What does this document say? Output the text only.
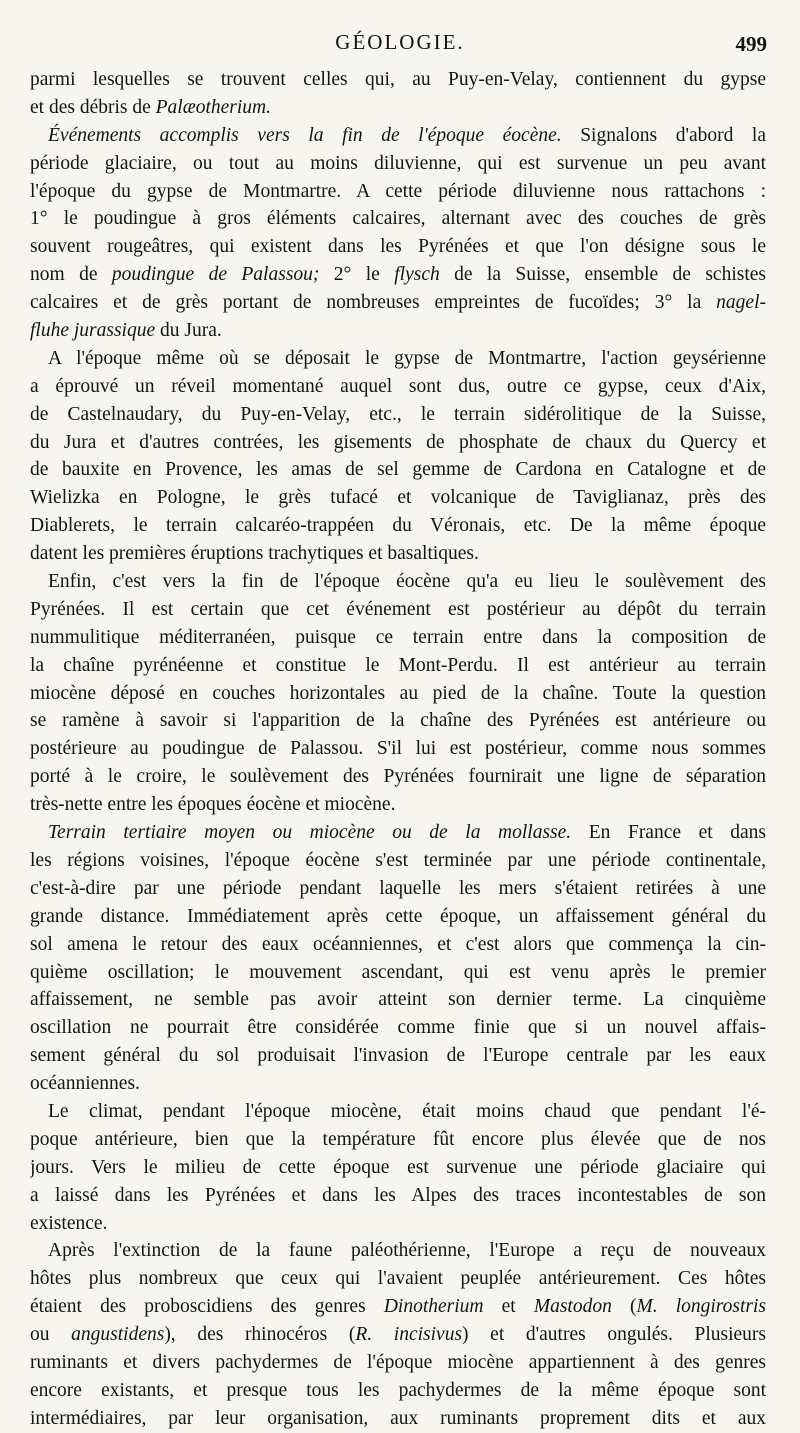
GÉOLOGIE.	499
parmi lesquelles se trouvent celles qui, au Puy-en-Velay, contiennent du gypse
et des débris de Palæotherium.
Événements accomplis vers la fin de l'époque éocène. Signalons d'abord la
période glaciaire, ou tout au moins diluvienne, qui est survenue un peu avant
l'époque du gypse de Montmartre. A cette période diluvienne nous rattachons :
1° le poudingue à gros éléments calcaires, alternant avec des couches de grès
souvent rougeâtres, qui existent dans les Pyrénées et que l'on désigne sous le
nom de poudingue de Palassou; 2° le flysch de la Suisse, ensemble de schistes
calcaires et de grès portant de nombreuses empreintes de fucoïdes; 3° la nagel-
fluhe jurassique du Jura.
A l'époque même où se déposait le gypse de Montmartre, l'action geysérienne
a éprouvé un réveil momentané auquel sont dus, outre ce gypse, ceux d'Aix,
de Castelnaudary, du Puy-en-Velay, etc., le terrain sidérolitique de la Suisse,
du Jura et d'autres contrées, les gisements de phosphate de chaux du Quercy et
de bauxite en Provence, les amas de sel gemme de Cardona en Catalogne et de
Wielizka en Pologne, le grès tufacé et volcanique de Taviglianaz, près des
Diablerets, le terrain calcaréo-trappéen du Véronais, etc. De la même époque
datent les premières éruptions trachytiques et basaltiques.
Enfin, c'est vers la fin de l'époque éocène qu'a eu lieu le soulèvement des
Pyrénées. Il est certain que cet événement est postérieur au dépôt du terrain
nummulitique méditerranéen, puisque ce terrain entre dans la composition de
la chaîne pyrénéenne et constitue le Mont-Perdu. Il est antérieur au terrain
miocène déposé en couches horizontales au pied de la chaîne. Toute la question
se ramène à savoir si l'apparition de la chaîne des Pyrénées est antérieure ou
postérieure au poudingue de Palassou. S'il lui est postérieur, comme nous sommes
porté à le croire, le soulèvement des Pyrénées fournirait une ligne de séparation
très-nette entre les époques éocène et miocène.
Terrain tertiaire moyen ou miocène ou de la mollasse. En France et dans
les régions voisines, l'époque éocène s'est terminée par une période continentale,
c'est-à-dire par une période pendant laquelle les mers s'étaient retirées à une
grande distance. Immédiatement après cette époque, un affaissement général du
sol amena le retour des eaux océanniennes, et c'est alors que commença la cin-
quième oscillation; le mouvement ascendant, qui est venu après le premier
affaissement, ne semble pas avoir atteint son dernier terme. La cinquième
oscillation ne pourrait être considérée comme finie que si un nouvel affais-
sement général du sol produisait l'invasion de l'Europe centrale par les eaux
océanniennes.
Le climat, pendant l'époque miocène, était moins chaud que pendant l'é-
poque antérieure, bien que la température fût encore plus élevée que de nos
jours. Vers le milieu de cette époque est survenue une période glaciaire qui
a laissé dans les Pyrénées et dans les Alpes des traces incontestables de son
existence.
Après l'extinction de la faune paléothérienne, l'Europe a reçu de nouveaux
hôtes plus nombreux que ceux qui l'avaient peuplée antérieurement. Ces hôtes
étaient des proboscidiens des genres Dinotherium et Mastodon (M. longirostris
ou angustidens), des rhinocéros (R. incisivus) et d'autres ongulés. Plusieurs
ruminants et divers pachydermes de l'époque miocène appartiennent à des genres
encore existants, et presque tous les pachydermes de la même époque sont
intermédiaires, par leur organisation, aux ruminants proprement dits et aux
